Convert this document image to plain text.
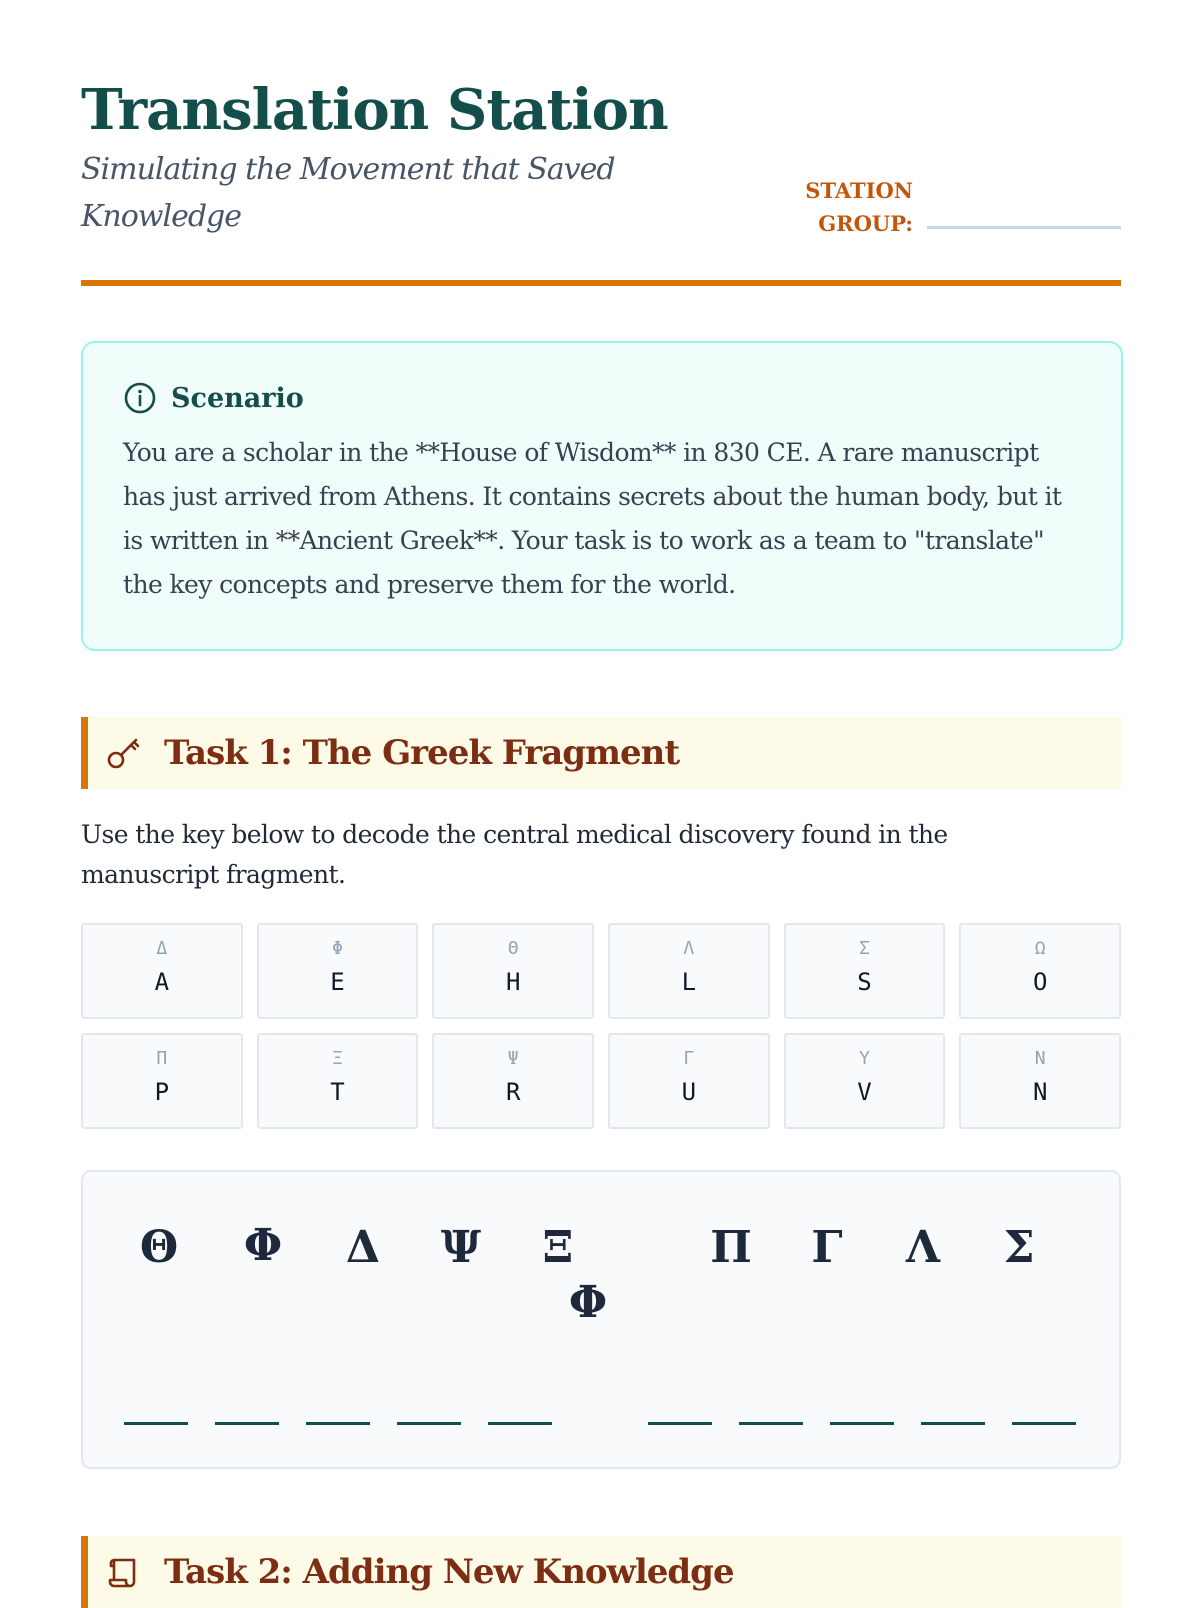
Translation Station

Simulating the Movement that Saved Knowledge

STATION
GROUP:
Scenario

You are a scholar in the **House of Wisdom** in 830 CE. A rare manuscript has just arrived from Athens. It contains secrets about the human body, but it is written in **Ancient Greek**. Your task is to work as a team to "translate" the key concepts and preserve them for the world.

Task 1: The Greek Fragment

Use the key below to decode the central medical discovery found in the manuscript fragment.

Δ
A
Φ
E
Θ
H
Λ
L
Σ
S
Ω
O
Π
P
Ξ
T
Ψ
R
Γ
U
Υ
V
Ν
N
Θ Φ Δ Ψ Ξ
Φ
Π Γ Λ Σ
Task 2: Adding New Knowledge
